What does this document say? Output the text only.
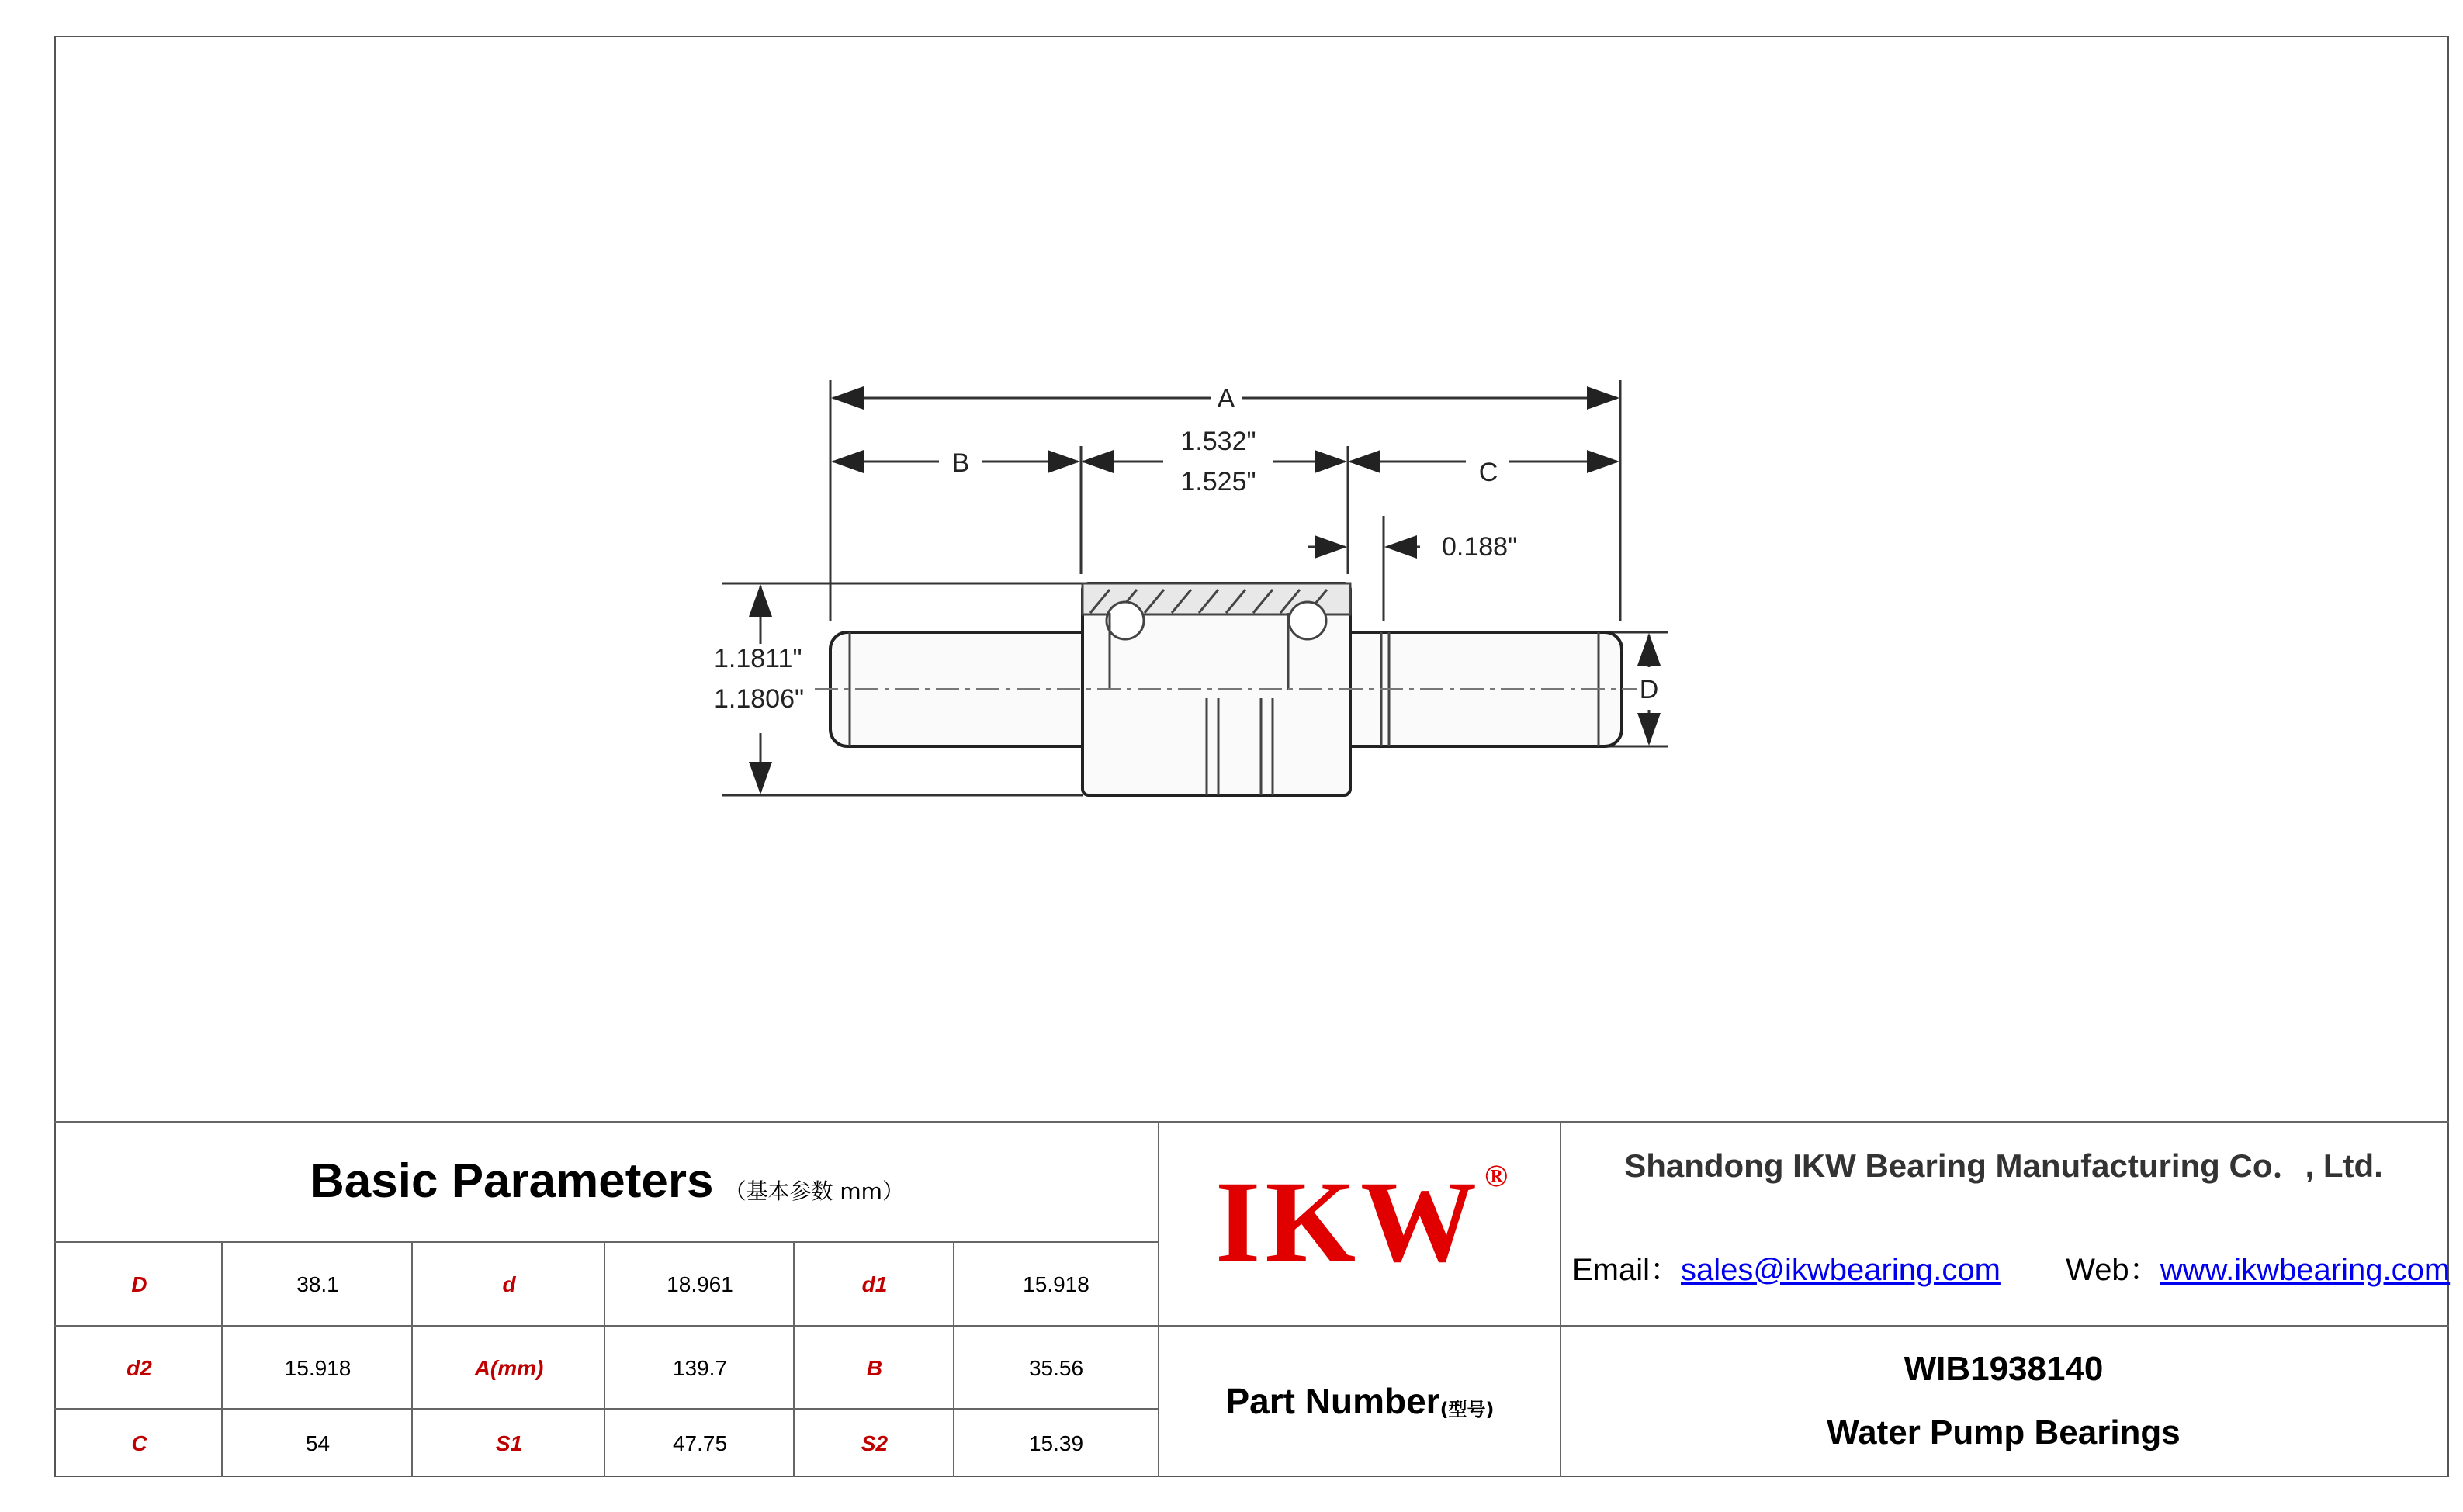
A
B	C
D
1.532"
1.525"
0.188"
1.1811"
1.1806"
Basic Parameters （基本参数 mm）
D	38.1	d	18.961	d1	15.918
d2	15.918	A(mm)	139.7	B	35.56
C	54	S1	47.75	S2	15.39
IKW ®	Shandong IKW Bearing Manufacturing Co．, Ltd.
Email：sales@ikwbearing.com Web：www.ikwbearing.com
Part Number (型号)
WIB1938140
Water Pump Bearings
